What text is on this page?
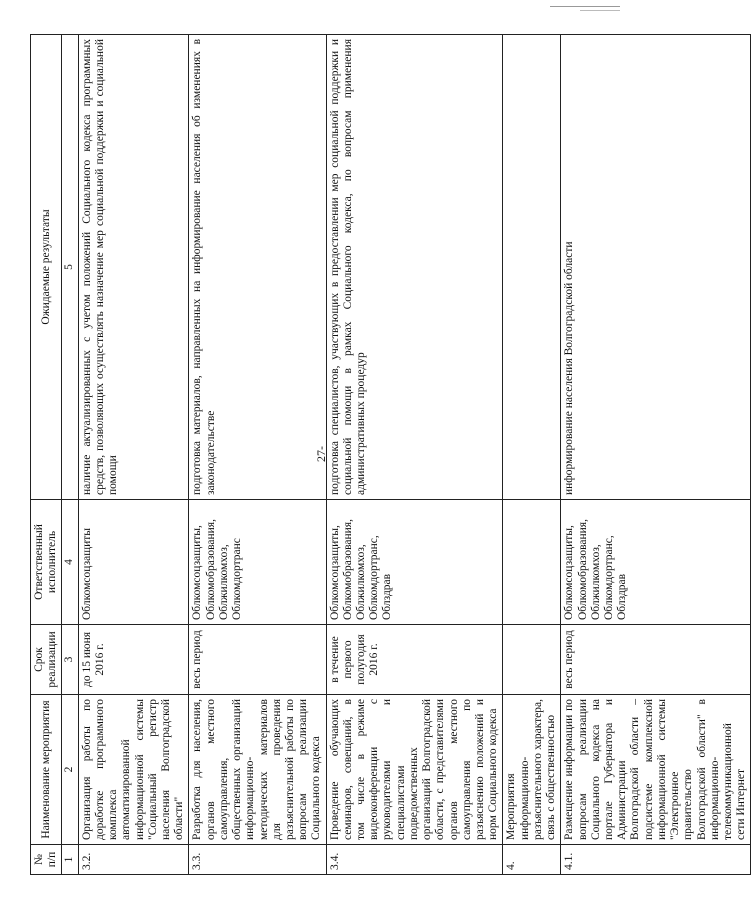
№ п/п	Наименование мероприятия	Срок реализации	Ответственный исполнитель	Ожидаемые результаты
1	2	3	4	5
3.2.	Организация работы по доработке программного комплекса автоматизированной информационной системы "Социальный регистр населения Волгоградской области"	до 15 июня 2016 г.	Облкомсоцзащиты	наличие актуализированных с учетом положений Социального кодекса программных средств, позволяющих осуществлять назначение мер социальной поддержки и социальной помощи
3.3.	Разработка для населения, органов местного самоуправления, общественных организаций информационно-методических материалов для проведения разъяснительной работы по вопросам реализации Социального кодекса	весь период	Облкомсоцзащиты, Облкомобразования, Облжилкомхоз, Облкомдортранс	подготовка материалов, направленных на информирование населения об изменениях в законодательстве
3.4.	Проведение обучающих семинаров, совещаний, в том числе в режиме видеоконференции с руководителями и специалистами подведомственных организаций Волгоградской области, с представителями органов местного самоуправления по разъяснению положений и норм Социального кодекса	в течение первого полугодия 2016 г.	Облкомсоцзащиты, Облкомобразования, Облжилкомхоз, Облкомдортранс, Облздрав	подготовка специалистов, участвующих в предоставлении мер социальной поддержки и социальной помощи в рамках Социального кодекса, по вопросам применения административных процедур
4.	Мероприятия информационно-разъяснительного характера, связь с общественностью			
4.1.	Размещение информации по вопросам реализации Социального кодекса на портале Губернатора и Администрации Волгоградской области – подсистеме комплексной информационной системы "Электронное правительство Волгоградской области" в информационно-телекоммуникационной сети Интернет	весь период	Облкомсоцзащиты, Облкомобразования, Облжилкомхоз, Облкомдортранс, Облздрав	информирование населения Волгоградской области
27-
